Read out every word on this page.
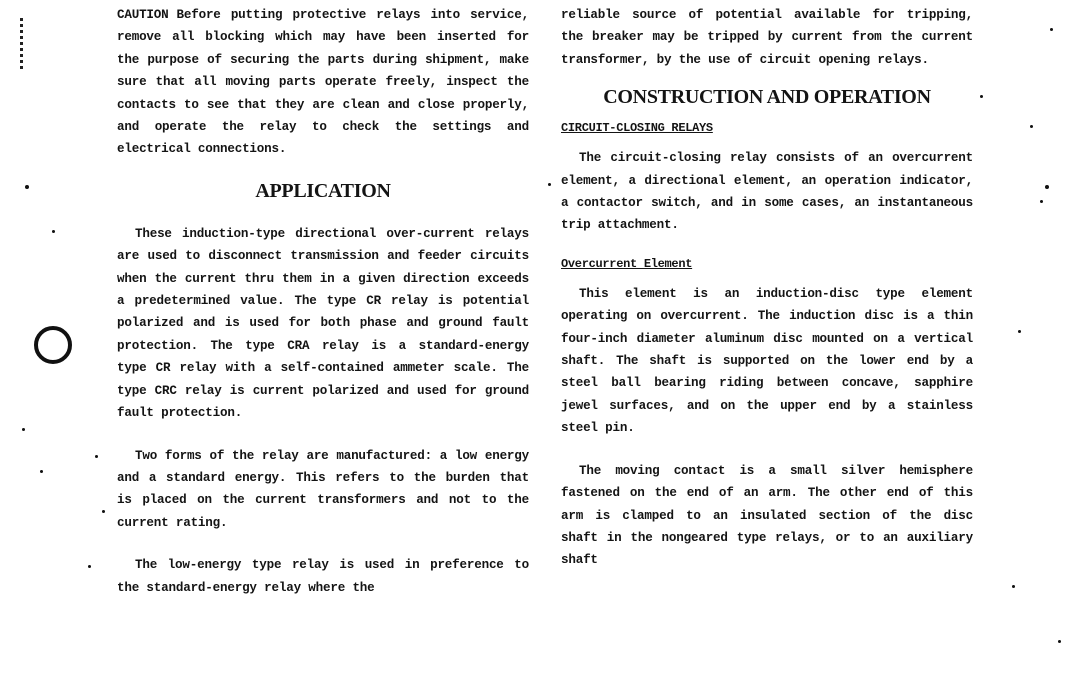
CAUTION Before putting protective relays into service, remove all blocking which may have been inserted for the purpose of securing the parts during shipment, make sure that all moving parts operate freely, inspect the contacts to see that they are clean and close properly, and operate the relay to check the settings and electrical connections.

APPLICATION

These induction-type directional over-current relays are used to disconnect transmission and feeder circuits when the current thru them in a given direction exceeds a predetermined value. The type CR relay is potential polarized and is used for both phase and ground fault protection. The type CRA relay is a standard-energy type CR relay with a self-contained ammeter scale. The type CRC relay is current polarized and used for ground fault protection.

Two forms of the relay are manufactured: a low energy and a standard energy. This refers to the burden that is placed on the current transformers and not to the current rating.

The low-energy type relay is used in preference to the standard-energy relay where the

reliable source of potential available for tripping, the breaker may be tripped by current from the current transformer, by the use of circuit opening relays.

CONSTRUCTION AND OPERATION

CIRCUIT-CLOSING RELAYS

The circuit-closing relay consists of an overcurrent element, a directional element, an operation indicator, a contactor switch, and in some cases, an instantaneous trip attachment.

Overcurrent Element

This element is an induction-disc type element operating on overcurrent. The induction disc is a thin four-inch diameter aluminum disc mounted on a vertical shaft. The shaft is supported on the lower end by a steel ball bearing riding between concave, sapphire jewel surfaces, and on the upper end by a stainless steel pin.

The moving contact is a small silver hemisphere fastened on the end of an arm. The other end of this arm is clamped to an insulated section of the disc shaft in the nongeared type relays, or to an auxiliary shaft
